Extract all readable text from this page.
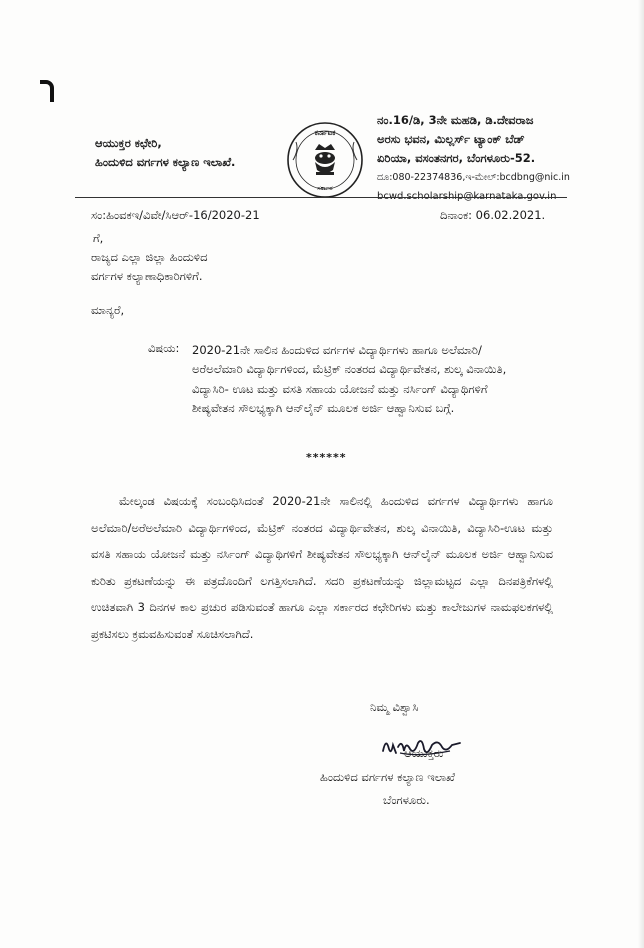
ಆಯುಕ್ತರ ಕಛೇರಿ,
ಹಿಂದುಳಿದ ವರ್ಗಗಳ ಕಲ್ಯಾಣ ಇಲಾಖೆ.
ಕರ್ನಾಟಕ
ಸರ್ಕಾರ
ನಂ.16/ಡಿ, 3ನೇ ಮಹಡಿ, ಡಿ.ದೇವರಾಜ
ಅರಸು ಭವನ, ಮಿಲ್ಲರ್ಸ್ ಟ್ಯಾಂಕ್ ಬೆಡ್
ಏರಿಯಾ, ವಸಂತನಗರ, ಬೆಂಗಳೂರು-52.
ದೂ:080-22374836,ಇ-ಮೇಲ್:bcdbng@nic.in
bcwd.scholarship@karnataka.gov.in
ಸಂ:ಹಿಂವಕಇ/ವಿವೇ/ಸಿಆರ್-16/2020-21	ದಿನಾಂಕ: 06.02.2021.
ಗೆ,
ರಾಜ್ಯದ ಎಲ್ಲಾ ಜಿಲ್ಲಾ ಹಿಂದುಳಿದ
ವರ್ಗಗಳ ಕಲ್ಯಾಣಾಧಿಕಾರಿಗಳಿಗೆ.
ಮಾನ್ಯರೆ,
ವಿಷಯ: 2020-21ನೇ ಸಾಲಿನ ಹಿಂದುಳಿದ ವರ್ಗಗಳ ವಿದ್ಯಾರ್ಥಿಗಳು ಹಾಗೂ ಅಲೆಮಾರಿ/ಅರೆಅಲೆಮಾರಿ ವಿದ್ಯಾರ್ಥಿಗಳಿಂದ, ಮೆಟ್ರಿಕ್ ನಂತರದ ವಿದ್ಯಾರ್ಥಿವೇತನ, ಶುಲ್ಕ ವಿನಾಯಿತಿ, ವಿದ್ಯಾಸಿರಿ- ಊಟ ಮತ್ತು ವಸತಿ ಸಹಾಯ ಯೋಜನೆ ಮತ್ತು ನರ್ಸಿಂಗ್ ವಿದ್ಯಾಥಿಗಳಿಗೆ ಶೀಷ್ಯವೇತನ ಸೌಲಭ್ಯಕ್ಕಾಗಿ ಆನ್‌ಲೈನ್ ಮೂಲಕ ಅರ್ಜಿ ಆಹ್ವಾನಿಸುವ ಬಗ್ಗೆ.
******
ಮೇಲ್ಕಂಡ ವಿಷಯಕ್ಕೆ ಸಂಬಂಧಿಸಿದಂತೆ 2020-21ನೇ ಸಾಲಿನಲ್ಲಿ ಹಿಂದುಳಿದ ವರ್ಗಗಳ ವಿದ್ಯಾರ್ಥಿಗಳು ಹಾಗೂ ಅಲೆಮಾರಿ/ಅರೆಅಲೆಮಾರಿ ವಿದ್ಯಾರ್ಥಿಗಳಿಂದ, ಮೆಟ್ರಿಕ್ ನಂತರದ ವಿದ್ಯಾರ್ಥಿವೇತನ, ಶುಲ್ಕ ವಿನಾಯಿತಿ, ವಿದ್ಯಾಸಿರಿ-ಊಟ ಮತ್ತು ವಸತಿ ಸಹಾಯ ಯೋಜನೆ ಮತ್ತು ನರ್ಸಿಂಗ್ ವಿದ್ಯಾಥಿಗಳಿಗೆ ಶೀಷ್ಯವೇತನ ಸೌಲಭ್ಯಕ್ಕಾಗಿ ಆನ್‌ಲೈನ್ ಮೂಲಕ ಅರ್ಜಿ ಆಹ್ವಾನಿಸುವ ಕುರಿತು ಪ್ರಕಟಣೆಯನ್ನು ಈ ಪತ್ರದೊಂದಿಗೆ ಲಗತ್ತಿಸಲಾಗಿದೆ. ಸದರಿ ಪ್ರಕಟಣೆಯನ್ನು ಜಿಲ್ಲಾಮಟ್ಟದ ಎಲ್ಲಾ ದಿನಪತ್ರಿಕೆಗಳಲ್ಲಿ ಉಚಿತವಾಗಿ 3 ದಿನಗಳ ಕಾಲ ಪ್ರಚುರ ಪಡಿಸುವಂತೆ ಹಾಗೂ ಎಲ್ಲಾ ಸರ್ಕಾರದ ಕಛೇರಿಗಳು ಮತ್ತು ಕಾಲೇಜುಗಳ ನಾಮಫಲಕಗಳಲ್ಲಿ ಪ್ರಕಟಿಸಲು ಕ್ರಮವಹಿಸುವಂತೆ ಸೂಚಿಸಲಾಗಿದೆ.
ನಿಮ್ಮ ವಿಶ್ವಾಸಿ
ಆಯುಕ್ತರು
ಹಿಂದುಳಿದ ವರ್ಗಗಳ ಕಲ್ಯಾಣ ಇಲಾಖೆ
ಬೆಂಗಳೂರು.
